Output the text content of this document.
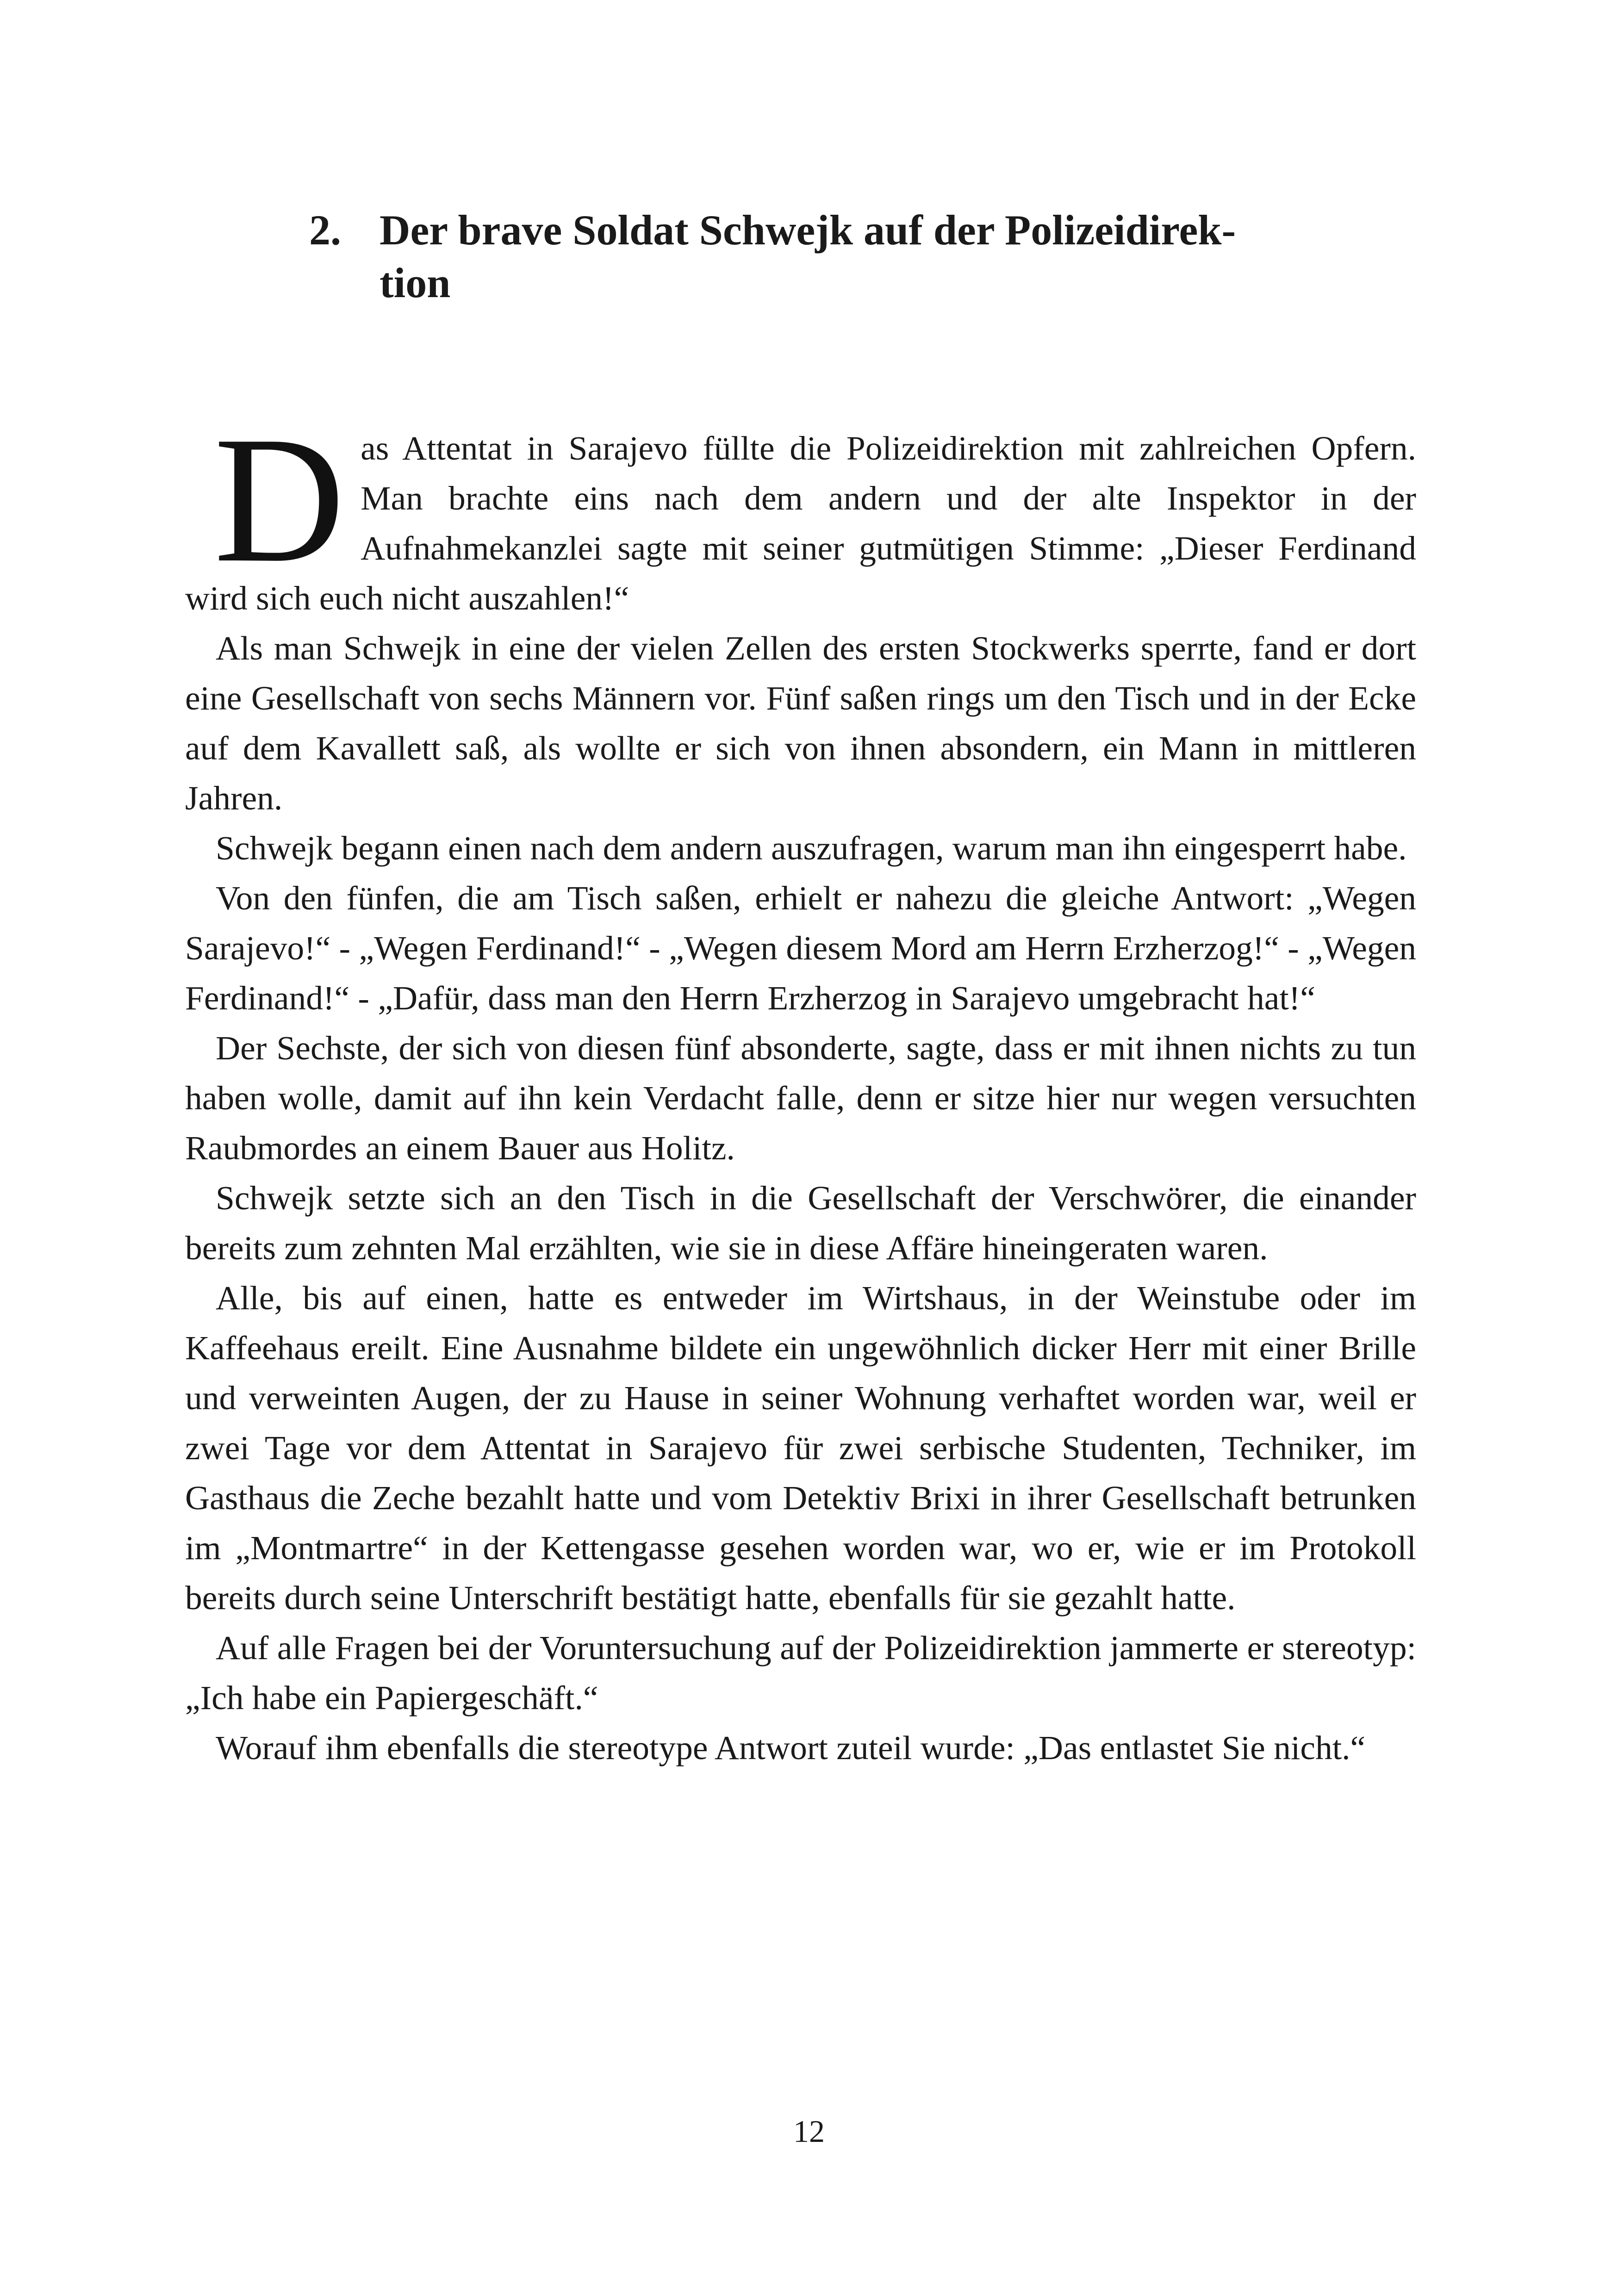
2. Der brave Soldat Schwejk auf der Polizeidirek-
tion

Das Attentat in Sarajevo füllte die Polizeidirektion mit zahlreichen Opfern. Man brachte eins nach dem andern und der alte Inspektor in der Aufnahmekanzlei sagte mit seiner gutmütigen Stimme: „Dieser Ferdinand wird sich euch nicht auszahlen!“

Als man Schwejk in eine der vielen Zellen des ersten Stockwerks sperrte, fand er dort eine Gesellschaft von sechs Männern vor. Fünf saßen rings um den Tisch und in der Ecke auf dem Kavallett saß, als wollte er sich von ihnen absondern, ein Mann in mittleren Jahren.

Schwejk begann einen nach dem andern auszufragen, warum man ihn eingesperrt habe.

Von den fünfen, die am Tisch saßen, erhielt er nahezu die gleiche Antwort: „Wegen Sarajevo!“ - „Wegen Ferdinand!“ - „Wegen diesem Mord am Herrn Erzherzog!“ - „Wegen Ferdinand!“ - „Dafür, dass man den Herrn Erzherzog in Sarajevo umgebracht hat!“

Der Sechste, der sich von diesen fünf absonderte, sagte, dass er mit ihnen nichts zu tun haben wolle, damit auf ihn kein Verdacht falle, denn er sitze hier nur wegen versuchten Raubmordes an einem Bauer aus Holitz.

Schwejk setzte sich an den Tisch in die Gesellschaft der Verschwörer, die einander bereits zum zehnten Mal erzählten, wie sie in diese Affäre hineingeraten waren.

Alle, bis auf einen, hatte es entweder im Wirtshaus, in der Weinstube oder im Kaffeehaus ereilt. Eine Ausnahme bildete ein ungewöhnlich dicker Herr mit einer Brille und verweinten Augen, der zu Hause in seiner Wohnung verhaftet worden war, weil er zwei Tage vor dem Attentat in Sarajevo für zwei serbische Studenten, Techniker, im Gasthaus die Zeche bezahlt hatte und vom Detektiv Brixi in ihrer Gesellschaft betrunken im „Montmartre“ in der Kettengasse gesehen worden war, wo er, wie er im Protokoll bereits durch seine Unterschrift bestätigt hatte, ebenfalls für sie gezahlt hatte.

Auf alle Fragen bei der Voruntersuchung auf der Polizeidirektion jammerte er stereotyp: „Ich habe ein Papiergeschäft.“

Worauf ihm ebenfalls die stereotype Antwort zuteil wurde: „Das entlastet Sie nicht.“

12
